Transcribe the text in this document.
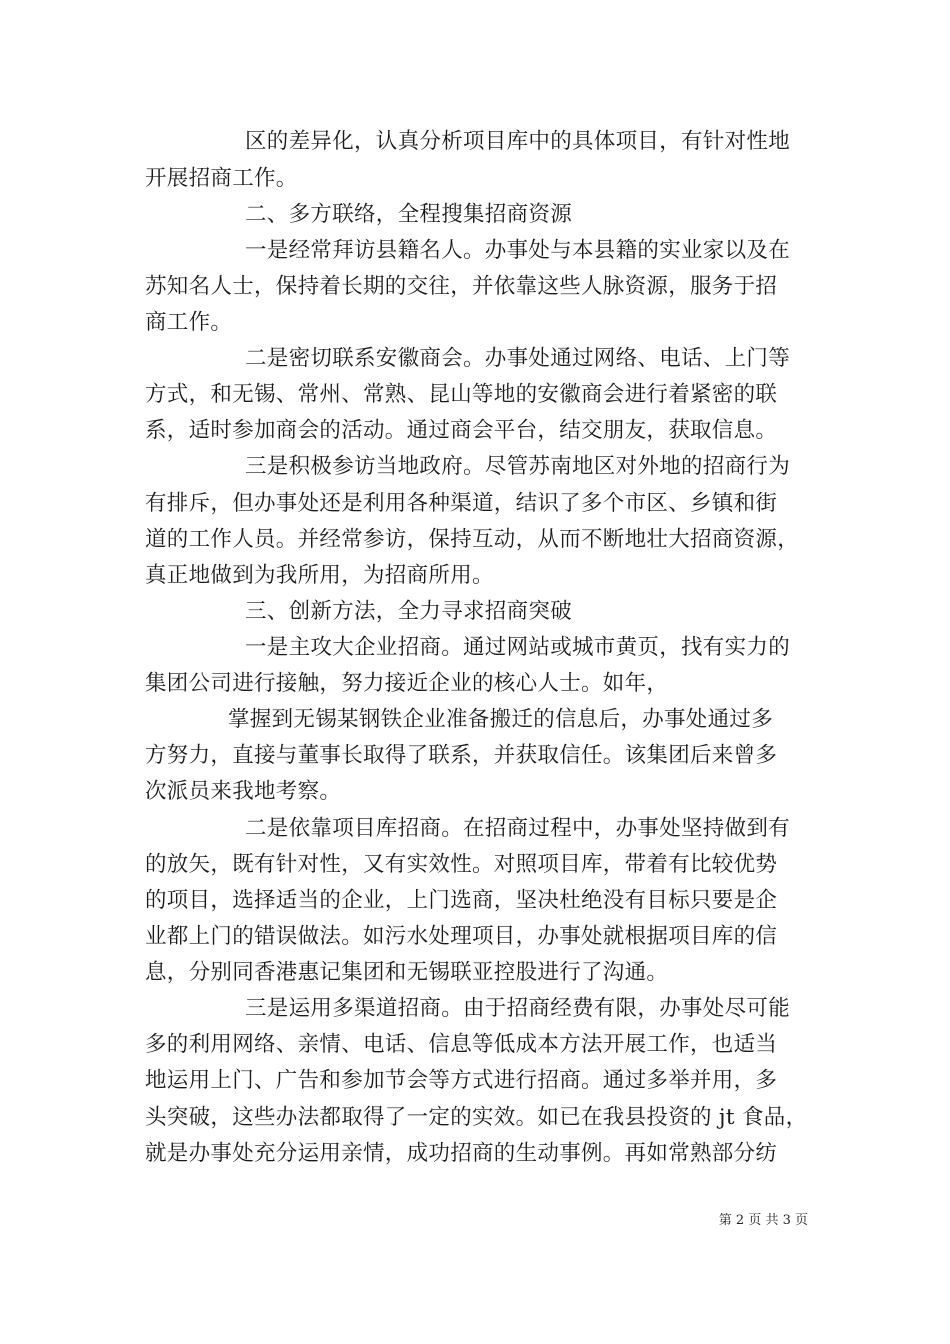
区的差异化，认真分析项目库中的具体项目，有针对性地
开展招商工作。
二、多方联络，全程搜集招商资源
一是经常拜访县籍名人。办事处与本县籍的实业家以及在
苏知名人士，保持着长期的交往，并依靠这些人脉资源，服务于招
商工作。
二是密切联系安徽商会。办事处通过网络、电话、上门等
方式，和无锡、常州、常熟、昆山等地的安徽商会进行着紧密的联
系，适时参加商会的活动。通过商会平台，结交朋友，获取信息。
三是积极参访当地政府。尽管苏南地区对外地的招商行为
有排斥，但办事处还是利用各种渠道，结识了多个市区、乡镇和街
道的工作人员。并经常参访，保持互动，从而不断地壮大招商资源，
真正地做到为我所用，为招商所用。
三、创新方法，全力寻求招商突破
一是主攻大企业招商。通过网站或城市黄页，找有实力的
集团公司进行接触，努力接近企业的核心人士。如年，
掌握到无锡某钢铁企业准备搬迁的信息后，办事处通过多
方努力，直接与董事长取得了联系，并获取信任。该集团后来曾多
次派员来我地考察。
二是依靠项目库招商。在招商过程中，办事处坚持做到有
的放矢，既有针对性，又有实效性。对照项目库，带着有比较优势
的项目，选择适当的企业，上门选商，坚决杜绝没有目标只要是企
业都上门的错误做法。如污水处理项目，办事处就根据项目库的信
息，分别同香港惠记集团和无锡联亚控股进行了沟通。
三是运用多渠道招商。由于招商经费有限，办事处尽可能
多的利用网络、亲情、电话、信息等低成本方法开展工作，也适当
地运用上门、广告和参加节会等方式进行招商。通过多举并用，多
头突破，这些办法都取得了一定的实效。如已在我县投资的 jt 食品，
就是办事处充分运用亲情，成功招商的生动事例。再如常熟部分纺
第 2 页 共 3 页
